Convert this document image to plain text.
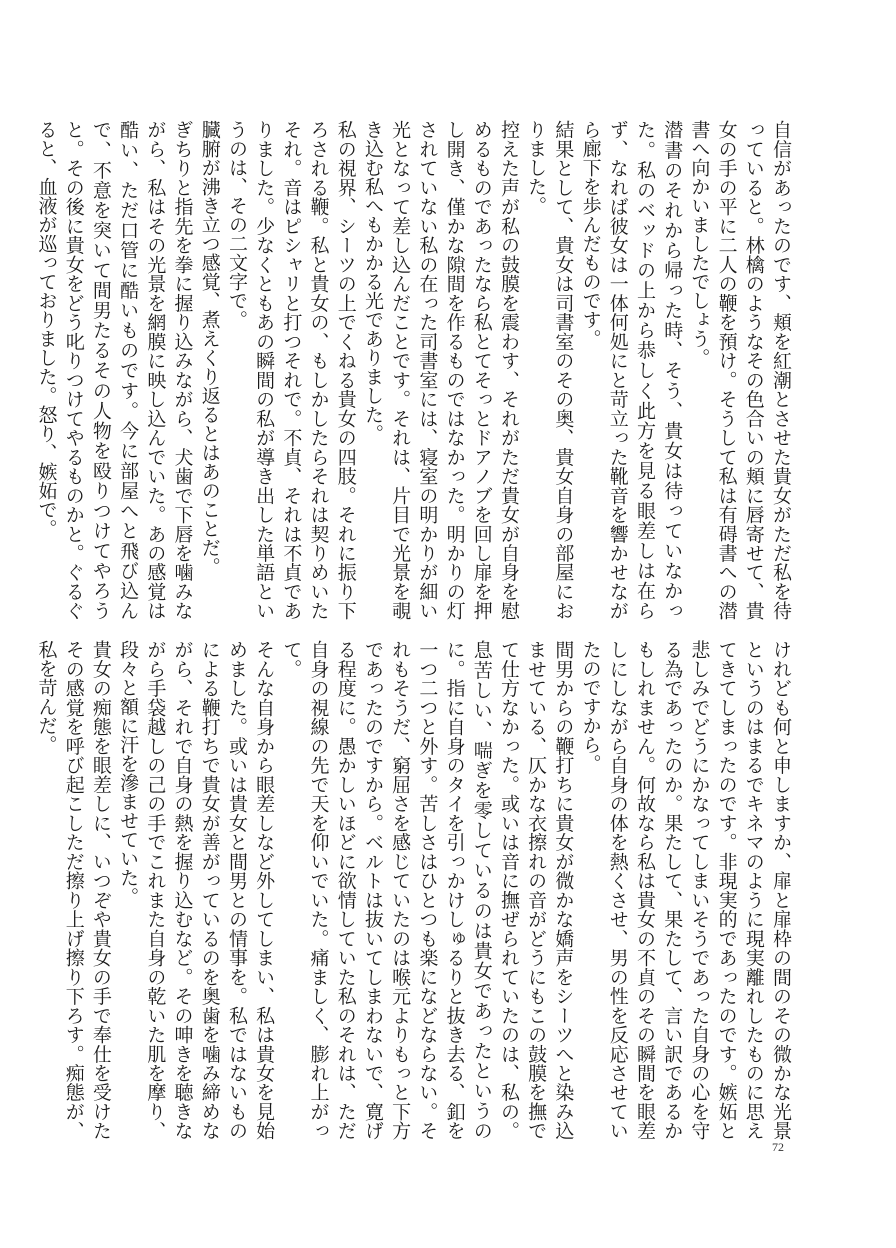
自信があったのです、頬を紅潮とさせた貴女がただ私を待っていると。林檎のようなその色合いの頬に唇寄せて、貴女の手の平に二人の鞭を預け。そうして私は有碍書への潜書へ向かいましたでしょう。

潜書のそれから帰った時、そう、貴女は待っていなかった。私のベッドの上から恭しく此方を見る眼差しは在らず、なれば彼女は一体何処にと苛立った靴音を響かせながら廊下を歩んだものです。

結果として、貴女は司書室のその奥、貴女自身の部屋におりました。

控えた声が私の鼓膜を震わす、それがただ貴女が自身を慰めるものであったなら私とてそっとドアノブを回し扉を押し開き、僅かな隙間を作るものではなかった。明かりの灯されていない私の在った司書室には、寝室の明かりが細い光となって差し込んだことです。それは、片目で光景を覗き込む私へもかかる光でありました。

私の視界、シーツの上でくねる貴女の四肢。それに振り下ろされる鞭。私と貴女の、もしかしたらそれは契りめいたそれ。音はピシャリと打つそれで。不貞、それは不貞でありました。少なくともあの瞬間の私が導き出した単語というのは、その二文字で。

臓腑が沸き立つ感覚、煮えくり返るとはあのことだ。

ぎちりと指先を拳に握り込みながら、犬歯で下唇を噛みながら、私はその光景を網膜に映し込んでいた。あの感覚は酷い、ただ口管に酷いものです。今に部屋へと飛び込んで、不意を突いて間男たるその人物を殴りつけてやろうと。その後に貴女をどう叱りつけてやるものかと。ぐるぐると、血液が巡っておりました。怒り、嫉妬で。

けれども何と申しますか、扉と扉枠の間のその微かな光景というのはまるでキネマのように現実離れしたものに思えてきてしまったのです。非現実的であったのです。嫉妬と悲しみでどうにかなってしまいそうであった自身の心を守る為であったのか。果たして、果たして、言い訳であるかもしれません。何故なら私は貴女の不貞のその瞬間を眼差しにしながら自身の体を熱くさせ、男の性を反応させていたのですから。

間男からの鞭打ちに貴女が微かな嬌声をシーツへと染み込ませている、仄かな衣擦れの音がどうにもこの鼓膜を撫でて仕方なかった。或いは音に撫ぜられていたのは、私の。息苦しい、喘ぎを零しているのは貴女であったというのに。指に自身のタイを引っかけしゅるりと抜き去る、釦を一つ二つと外す。苦しさはひとつも楽になどならない。それもそうだ、窮屈さを感じていたのは喉元よりもっと下方であったのですから。ベルトは抜いてしまわないで、寛げる程度に。愚かしいほどに欲情していた私のそれは、ただ自身の視線の先で天を仰いでいた。痛ましく、膨れ上がって。

そんな自身から眼差しなど外してしまい、私は貴女を見始めました。或いは貴女と間男との情事を。私ではないものによる鞭打ちで貴女が善がっているのを奥歯を噛み締めながら、それで自身の熱を握り込むなど。その呻きを聴きながら手袋越しの己の手でこれまた自身の乾いた肌を摩り、段々と額に汗を滲ませていた。

貴女の痴態を眼差しに、いつぞや貴女の手で奉仕を受けたその感覚を呼び起こしただ擦り上げ擦り下ろす。痴態が、私を苛んだ。

72
